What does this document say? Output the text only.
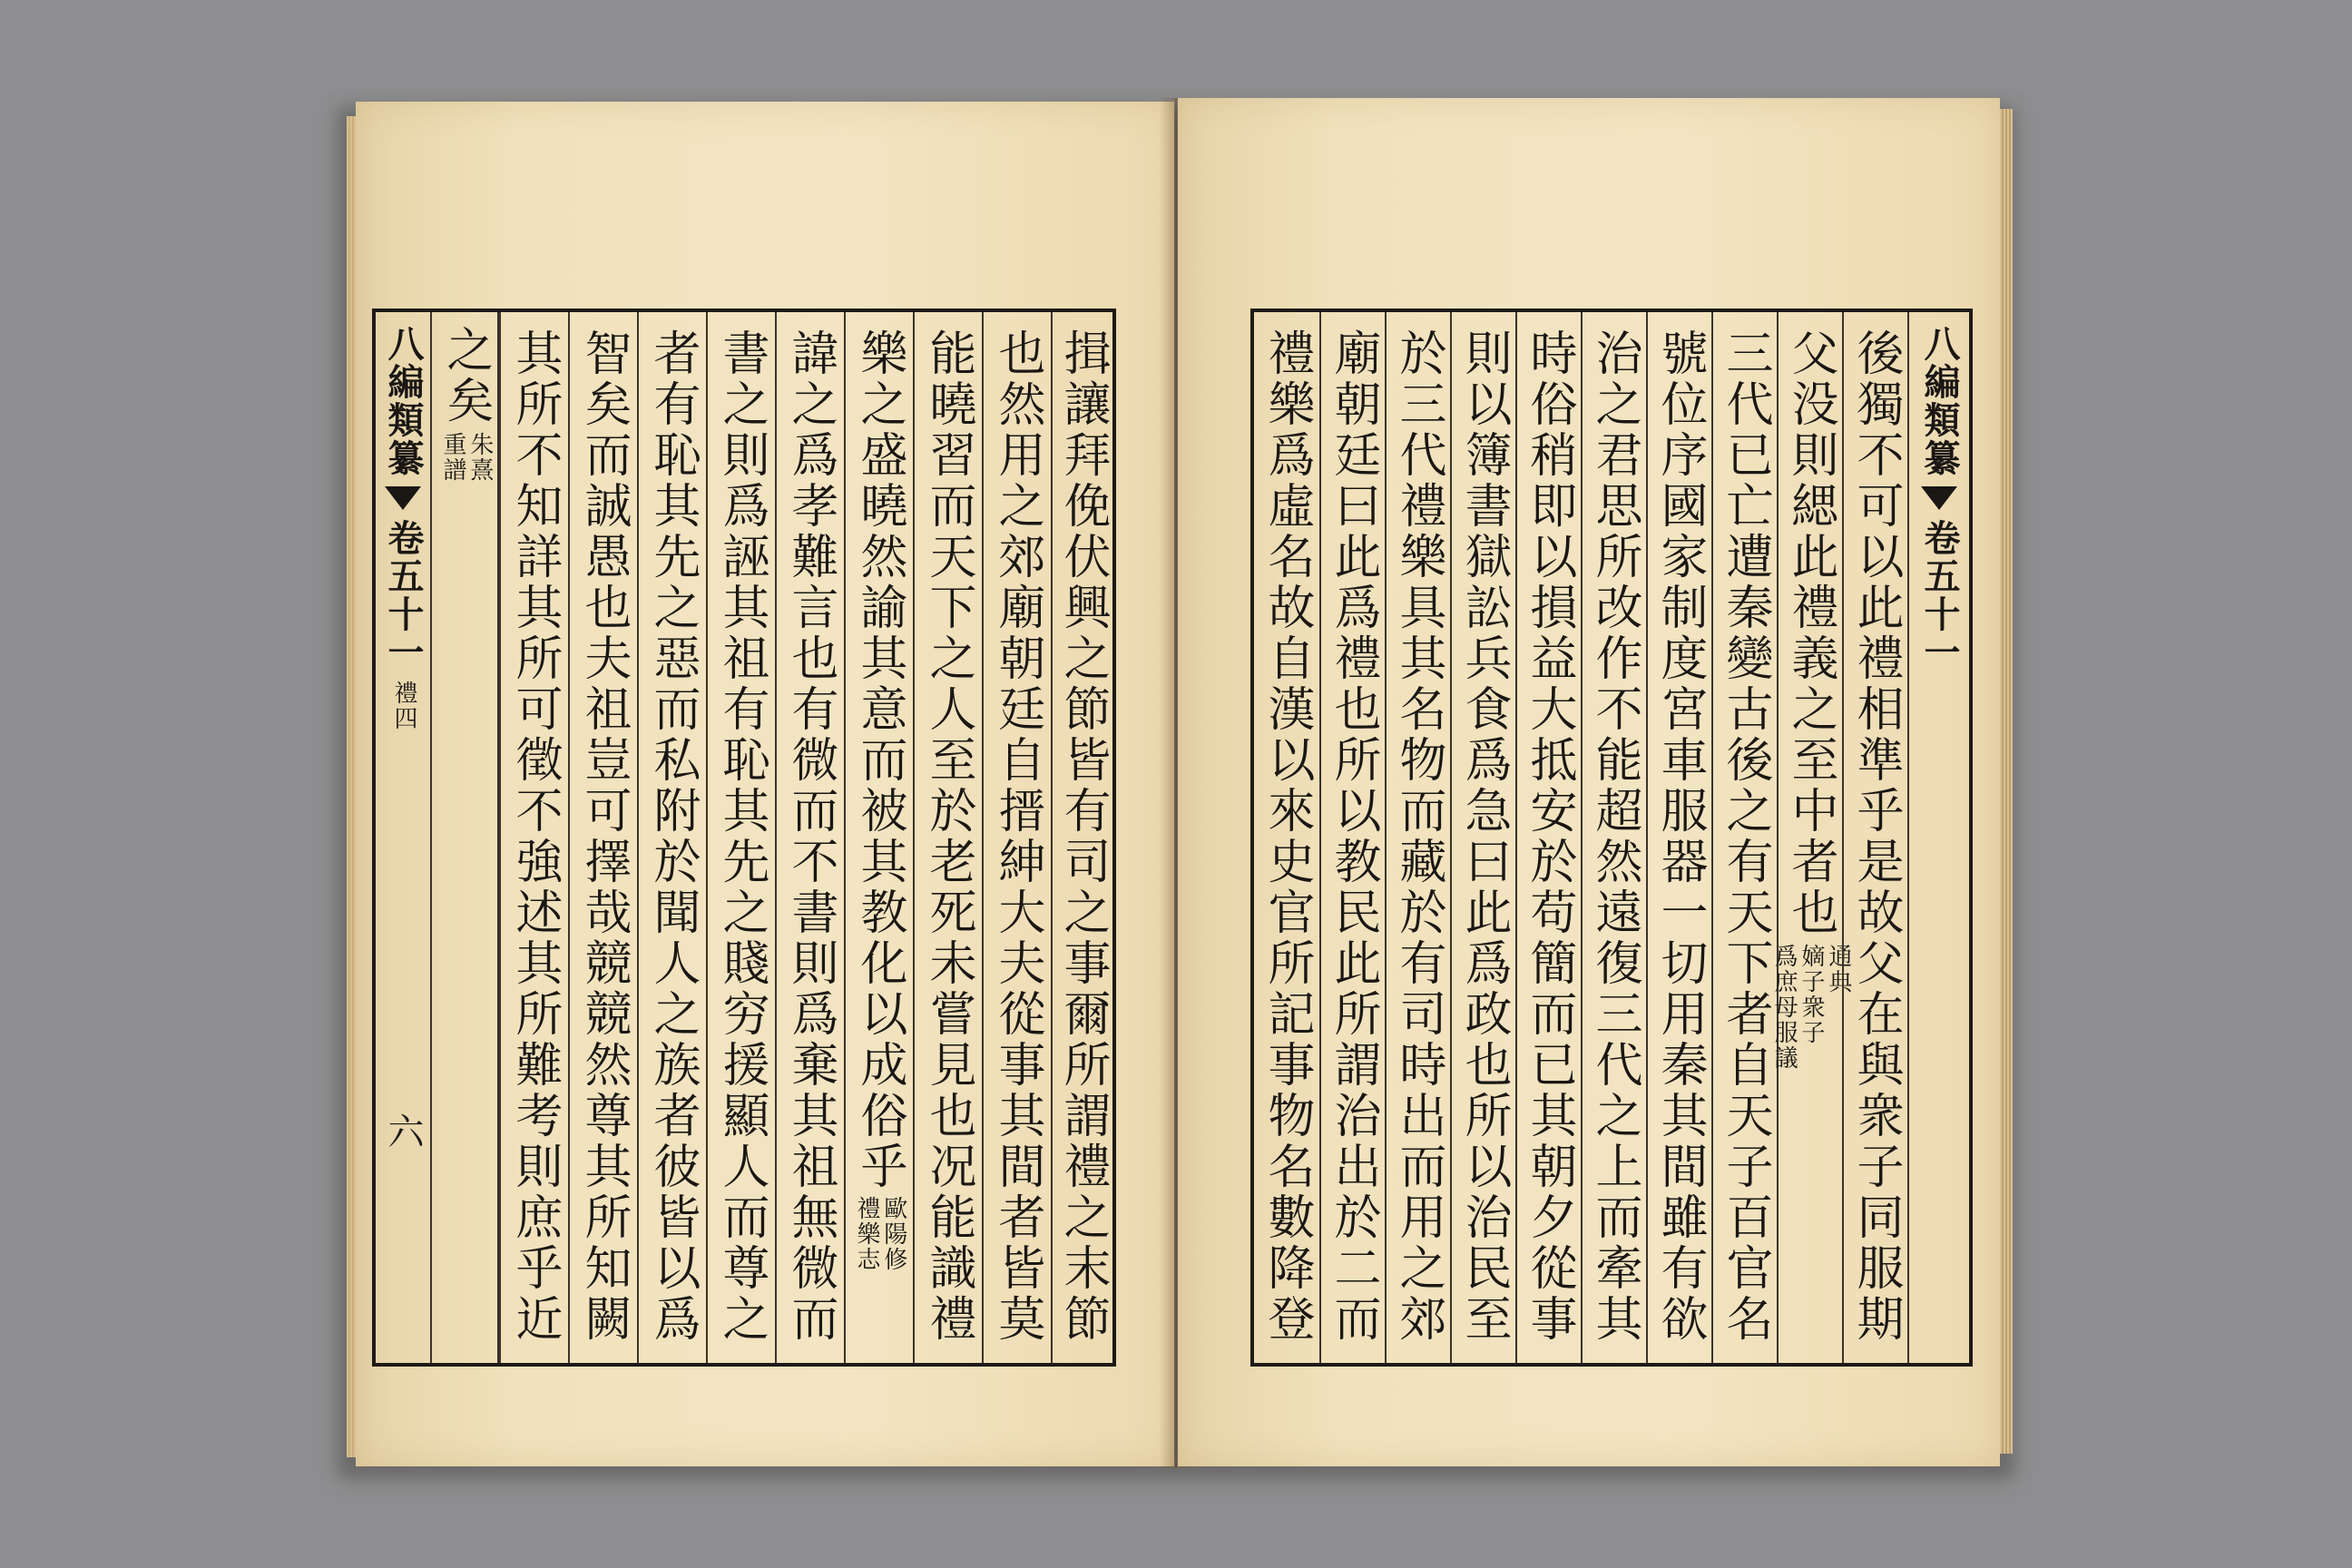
八編類纂
卷五十一
禮四
六
之矣
朱熹
重譜 其所不知詳其所可徵不強述其所難考則庶乎近 智矣而誠愚也夫祖豈可擇哉競競然尊其所知闕 者有恥其先之惡而私附於聞人之族者彼皆以爲 書之則爲誣其祖有恥其先之賤穷援顯人而尊之 諱之爲孝難言也有微而不書則爲棄其祖無微而 樂之盛曉然諭其意而被其教化以成俗乎
歐陽修
禮樂志 能曉習而天下之人至於老死未嘗見也况能識禮 也然用之郊廟朝廷自搢紳大夫從事其間者皆莫 揖讓拜俛伏興之節皆有司之事爾所謂禮之末節	禮樂爲虛名故自漢以來史官所記事物名數降登 廟朝廷曰此爲禮也所以教民此所謂治出於二而 於三代禮樂具其名物而藏於有司時出而用之郊 則以簿書獄訟兵食爲急曰此爲政也所以治民至 時俗稍即以損益大抵安於苟簡而已其朝夕從事 治之君思所改作不能超然遠復三代之上而牽其 號位序國家制度宮車服器一切用秦其間雖有欲 三代已亡遭秦變古後之有天下者自天子百官名 父没則緦此禮義之至中者也
通典
嫡子衆子
爲庶母服議 後獨不可以此禮相準乎是故父在與衆子同服期 八編類纂
卷五十一
